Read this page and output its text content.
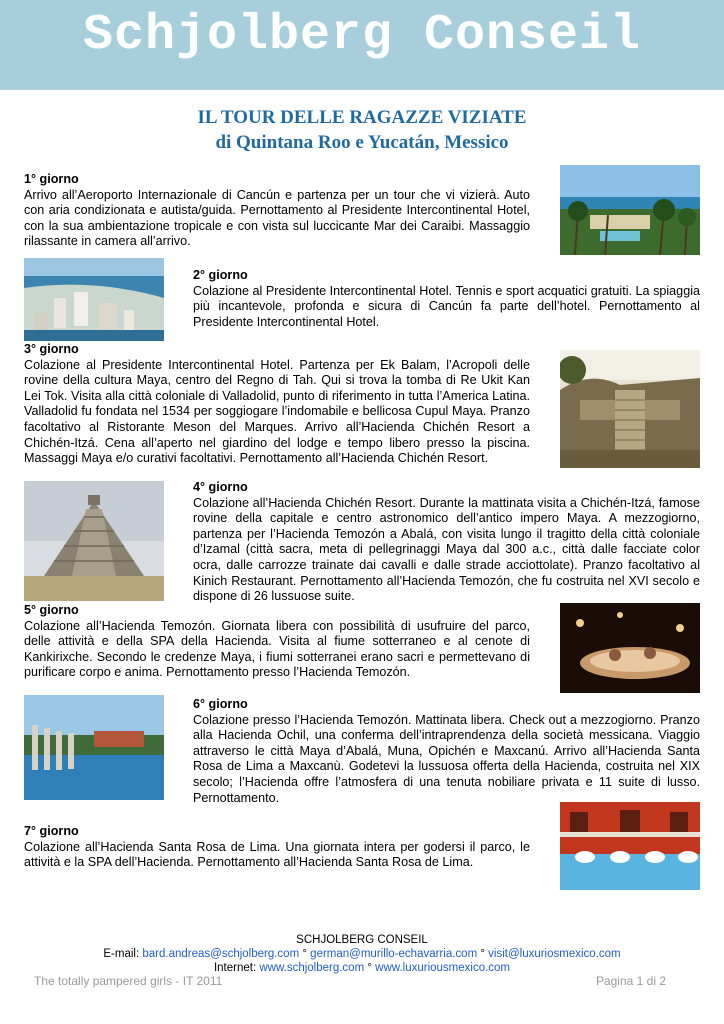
Schjolberg Conseil
IL TOUR DELLE RAGAZZE VIZIATE
di Quintana Roo e Yucatán, Messico
1° giorno
Arrivo all’Aeroporto Internazionale di Cancún e partenza per un tour che vi vizierà. Auto con aria condizionata e autista/guida. Pernottamento al Presidente Intercontinental Hotel, con la sua ambientazione tropicale e con vista sul luccicante Mar dei Caraibi. Massaggio rilassante in camera all’arrivo.
2° giorno
Colazione al Presidente Intercontinental Hotel. Tennis e sport acquatici gratuiti. La spiaggia più incantevole, profonda e sicura di Cancún fa parte dell’hotel. Pernottamento al Presidente Intercontinental Hotel.
3° giorno
Colazione al Presidente Intercontinental Hotel. Partenza per Ek Balam, l’Acropoli delle rovine della cultura Maya, centro del Regno di Tah. Qui si trova la tomba di Re Ukit Kan Lei Tok. Visita alla città coloniale di Valladolid, punto di riferimento in tutta l’America Latina. Valladolid fu fondata nel 1534 per soggiogare l’indomabile e bellicosa Cupul Maya. Pranzo facoltativo al Ristorante Meson del Marques. Arrivo all’Hacienda Chichén Resort a Chichén-Itzá. Cena all’aperto nel giardino del lodge e tempo libero presso la piscina. Massaggi Maya e/o curativi facoltativi. Pernottamento all’Hacienda Chichén Resort.
4° giorno
Colazione all’Hacienda Chichén Resort. Durante la mattinata visita a Chichén-Itzá, famose rovine della capitale e centro astronomico dell’antico impero Maya. A mezzogiorno, partenza per l’Hacienda Temozón a Abalá, con visita lungo il tragitto della città coloniale d’Izamal (città sacra, meta di pellegrinaggi Maya dal 300 a.c., città dalle facciate color ocra, dalle carrozze trainate dai cavalli e dalle strade acciottolate). Pranzo facoltativo al Kinich Restaurant. Pernottamento all’Hacienda Temozón, che fu costruita nel XVI secolo e dispone di 26 lussuose suite.
5° giorno
Colazione all’Hacienda Temozón. Giornata libera con possibilità di usufruire del parco, delle attività e della SPA della Hacienda. Visita al fiume sotterraneo e al cenote di Kankirixche. Secondo le credenze Maya, i fiumi sotterranei erano sacri e permettevano di purificare corpo e anima. Pernottamento presso l’Hacienda Temozón.
6° giorno
Colazione presso l’Hacienda Temozón. Mattinata libera. Check out a mezzogiorno. Pranzo alla Hacienda Ochil, una conferma dell’intraprendenza della società messicana. Viaggio attraverso le città Maya d’Abalá, Muna, Opichén e Maxcanú. Arrivo all’Hacienda Santa Rosa de Lima a Maxcanù. Godetevi la lussuosa offerta della Hacienda, costruita nel XIX secolo; l’Hacienda offre l’atmosfera di una tenuta nobiliare privata e 11 suite di lusso. Pernottamento.
7° giorno
Colazione all’Hacienda Santa Rosa de Lima. Una giornata intera per godersi il parco, le attività e la SPA dell’Hacienda. Pernottamento all’Hacienda Santa Rosa de Lima.
SCHJOLBERG CONSEIL
E-mail: bard.andreas@schjolberg.com ° german@murillo-echavarria.com ° visit@luxuriosmexico.com
Internet: www.schjolberg.com ° www.luxuriousmexico.com
The totally pampered girls - IT 2011	Pagina 1 di 2
